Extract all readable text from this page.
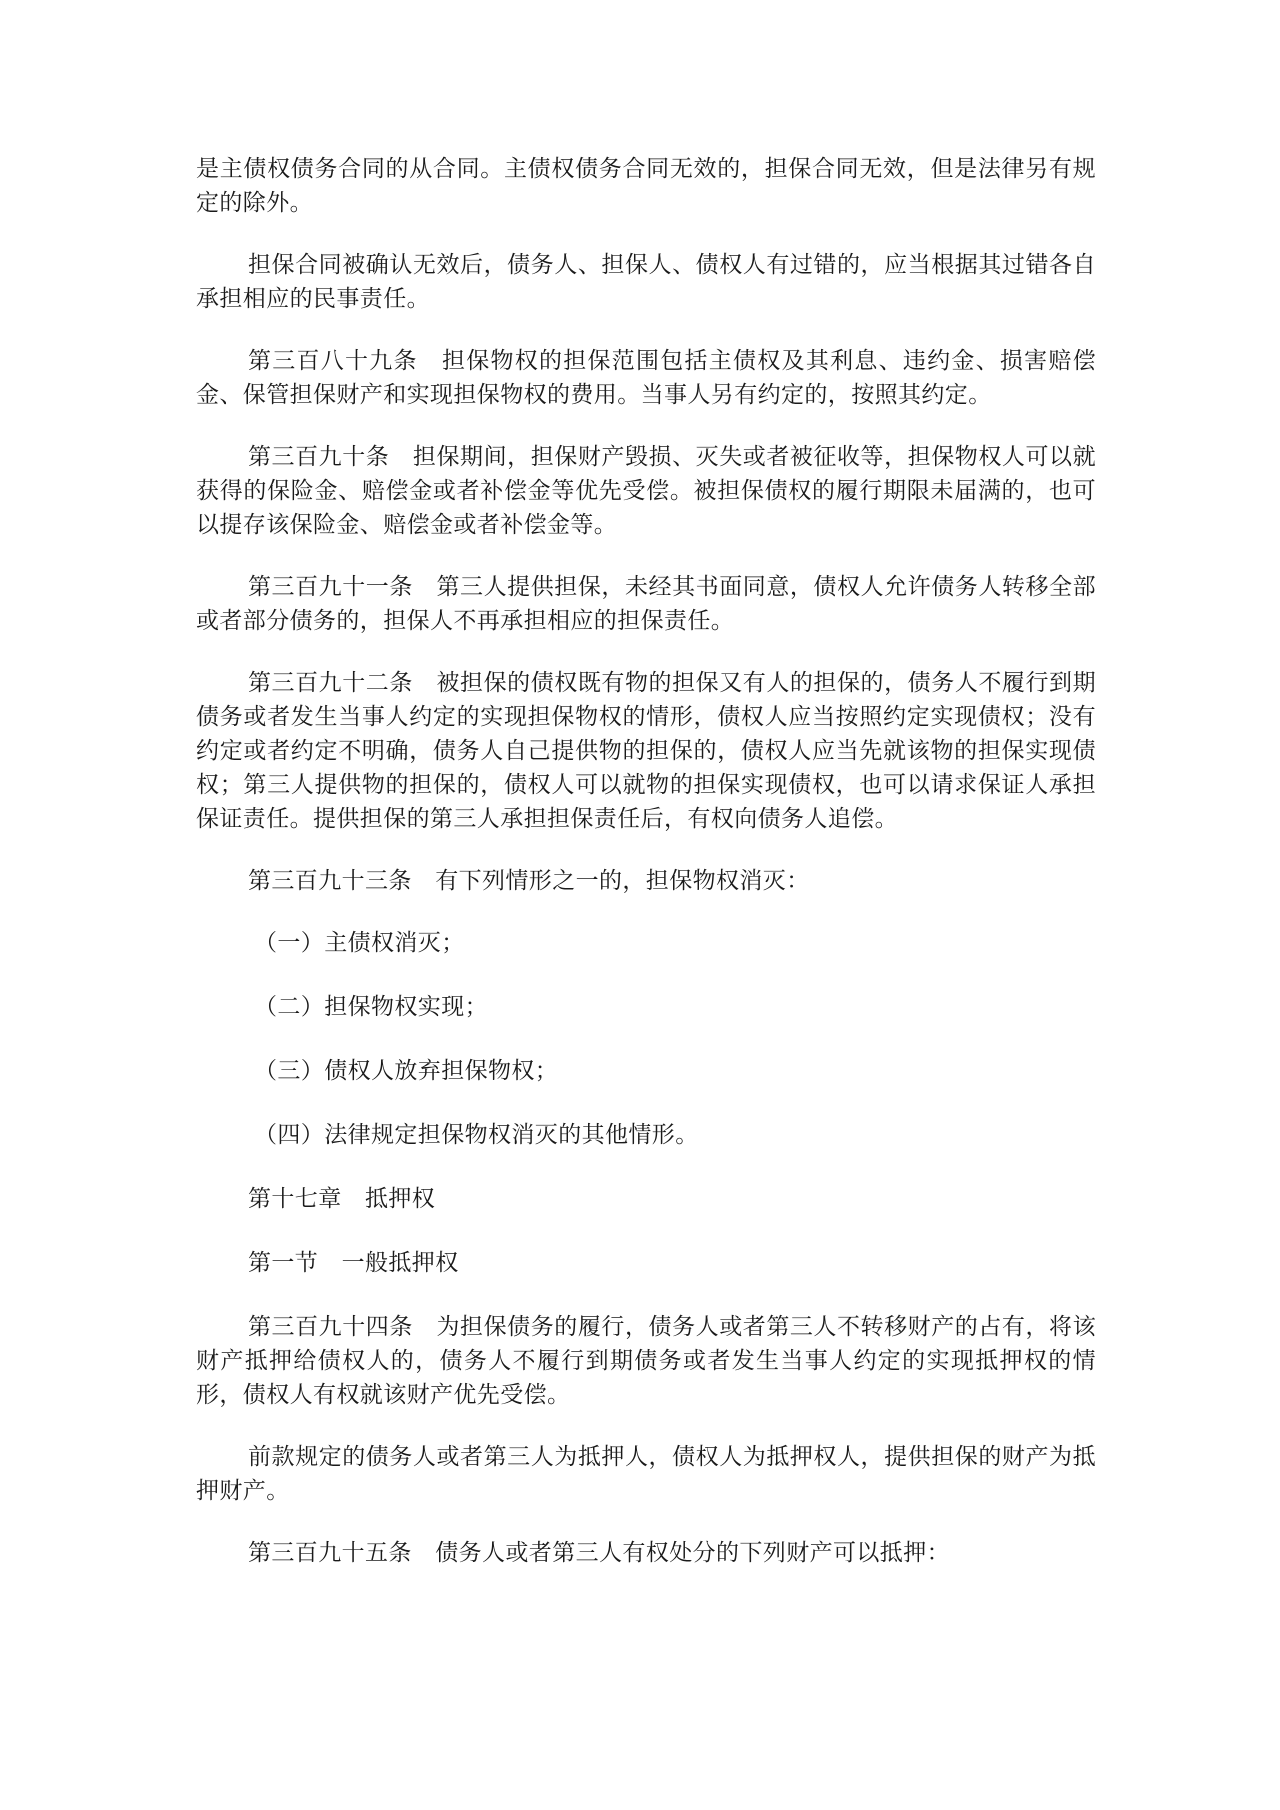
是主债权债务合同的从合同。主债权债务合同无效的，担保合同无效，但是法律另有规定的除外。

担保合同被确认无效后，债务人、担保人、债权人有过错的，应当根据其过错各自承担相应的民事责任。

第三百八十九条　担保物权的担保范围包括主债权及其利息、违约金、损害赔偿金、保管担保财产和实现担保物权的费用。当事人另有约定的，按照其约定。

第三百九十条　担保期间，担保财产毁损、灭失或者被征收等，担保物权人可以就获得的保险金、赔偿金或者补偿金等优先受偿。被担保债权的履行期限未届满的，也可以提存该保险金、赔偿金或者补偿金等。

第三百九十一条　第三人提供担保，未经其书面同意，债权人允许债务人转移全部或者部分债务的，担保人不再承担相应的担保责任。

第三百九十二条　被担保的债权既有物的担保又有人的担保的，债务人不履行到期债务或者发生当事人约定的实现担保物权的情形，债权人应当按照约定实现债权；没有约定或者约定不明确，债务人自己提供物的担保的，债权人应当先就该物的担保实现债权；第三人提供物的担保的，债权人可以就物的担保实现债权，也可以请求保证人承担保证责任。提供担保的第三人承担担保责任后，有权向债务人追偿。

第三百九十三条　有下列情形之一的，担保物权消灭：

（一）主债权消灭；

（二）担保物权实现；

（三）债权人放弃担保物权；

（四）法律规定担保物权消灭的其他情形。

第十七章　抵押权

第一节　一般抵押权

第三百九十四条　为担保债务的履行，债务人或者第三人不转移财产的占有，将该财产抵押给债权人的，债务人不履行到期债务或者发生当事人约定的实现抵押权的情形，债权人有权就该财产优先受偿。

前款规定的债务人或者第三人为抵押人，债权人为抵押权人，提供担保的财产为抵押财产。

第三百九十五条　债务人或者第三人有权处分的下列财产可以抵押：
